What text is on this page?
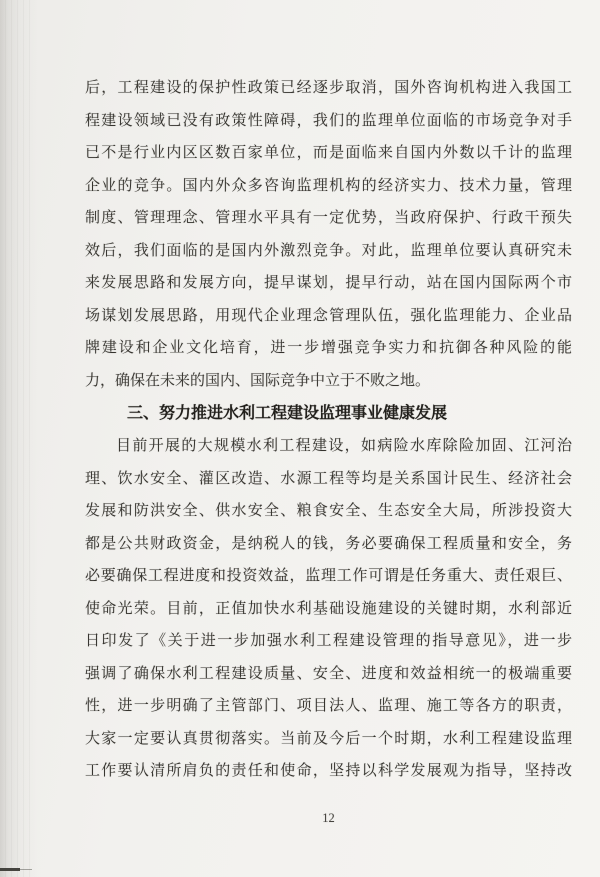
后，工程建设的保护性政策已经逐步取消，国外咨询机构进入我国工
程建设领域已没有政策性障碍，我们的监理单位面临的市场竞争对手
已不是行业内区区数百家单位，而是面临来自国内外数以千计的监理
企业的竞争。国内外众多咨询监理机构的经济实力、技术力量，管理
制度、管理理念、管理水平具有一定优势，当政府保护、行政干预失
效后，我们面临的是国内外激烈竞争。对此，监理单位要认真研究未
来发展思路和发展方向，提早谋划，提早行动，站在国内国际两个市
场谋划发展思路，用现代企业理念管理队伍，强化监理能力、企业品
牌建设和企业文化培育，进一步增强竞争实力和抗御各种风险的能
力，确保在未来的国内、国际竞争中立于不败之地。
三、努力推进水利工程建设监理事业健康发展
目前开展的大规模水利工程建设，如病险水库除险加固、江河治
理、饮水安全、灌区改造、水源工程等均是关系国计民生、经济社会
发展和防洪安全、供水安全、粮食安全、生态安全大局，所涉投资大
都是公共财政资金，是纳税人的钱，务必要确保工程质量和安全，务
必要确保工程进度和投资效益，监理工作可谓是任务重大、责任艰巨、
使命光荣。目前，正值加快水利基础设施建设的关键时期，水利部近
日印发了《关于进一步加强水利工程建设管理的指导意见》，进一步
强调了确保水利工程建设质量、安全、进度和效益相统一的极端重要
性，进一步明确了主管部门、项目法人、监理、施工等各方的职责，
大家一定要认真贯彻落实。当前及今后一个时期，水利工程建设监理
工作要认清所肩负的责任和使命，坚持以科学发展观为指导，坚持改
12
